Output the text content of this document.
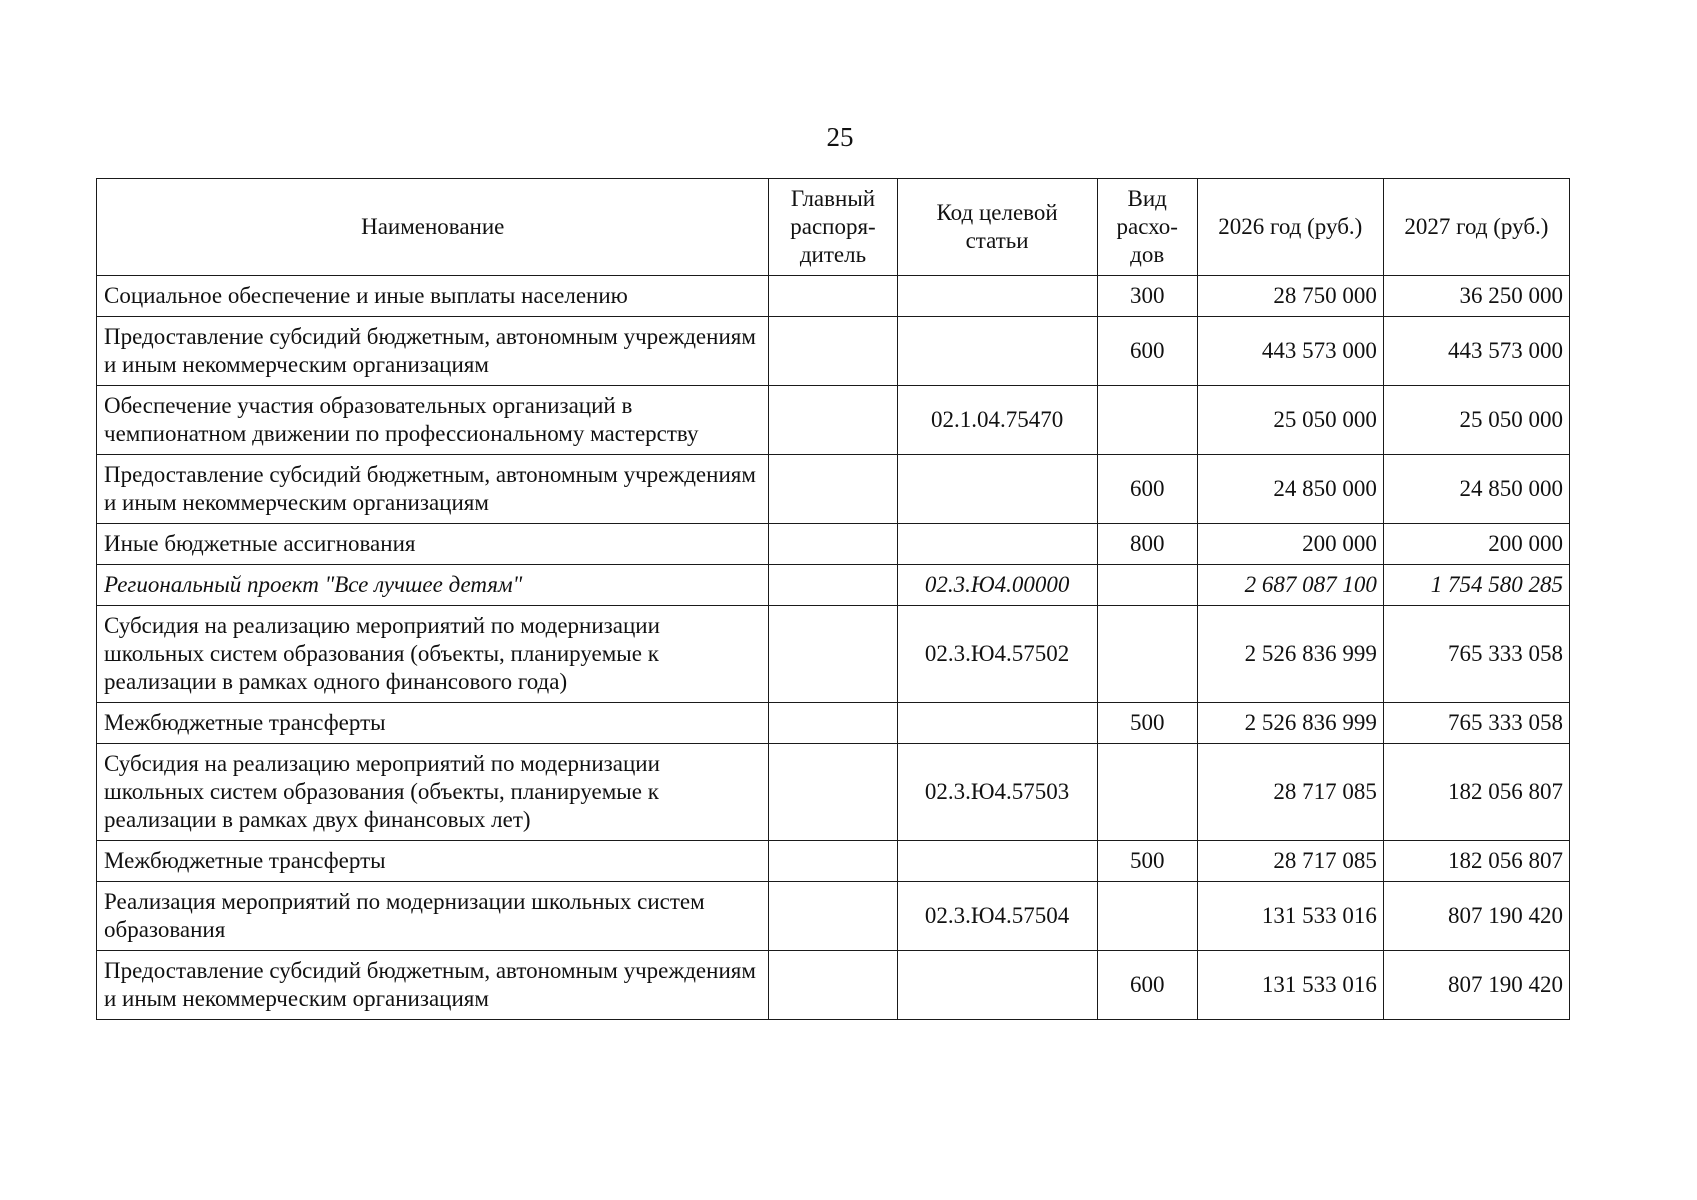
25
Наименование	Главный распоря-дитель	Код целевой статьи	Вид расхо-дов	2026 год (руб.)	2027 год (руб.)
Социальное обеспечение и иные выплаты населению			300	28 750 000	36 250 000
Предоставление субсидий бюджетным, автономным учреждениям и иным некоммерческим организациям			600	443 573 000	443 573 000
Обеспечение участия образовательных организаций в чемпионатном движении по профессиональному мастерству		02.1.04.75470		25 050 000	25 050 000
Предоставление субсидий бюджетным, автономным учреждениям и иным некоммерческим организациям			600	24 850 000	24 850 000
Иные бюджетные ассигнования			800	200 000	200 000
Региональный проект "Все лучшее детям"		02.3.Ю4.00000		2 687 087 100	1 754 580 285
Субсидия на реализацию мероприятий по модернизации школьных систем образования (объекты, планируемые к реализации в рамках одного финансового года)		02.3.Ю4.57502		2 526 836 999	765 333 058
Межбюджетные трансферты			500	2 526 836 999	765 333 058
Субсидия на реализацию мероприятий по модернизации школьных систем образования (объекты, планируемые к реализации в рамках двух финансовых лет)		02.3.Ю4.57503		28 717 085	182 056 807
Межбюджетные трансферты			500	28 717 085	182 056 807
Реализация мероприятий по модернизации школьных систем образования		02.3.Ю4.57504		131 533 016	807 190 420
Предоставление субсидий бюджетным, автономным учреждениям и иным некоммерческим организациям			600	131 533 016	807 190 420
